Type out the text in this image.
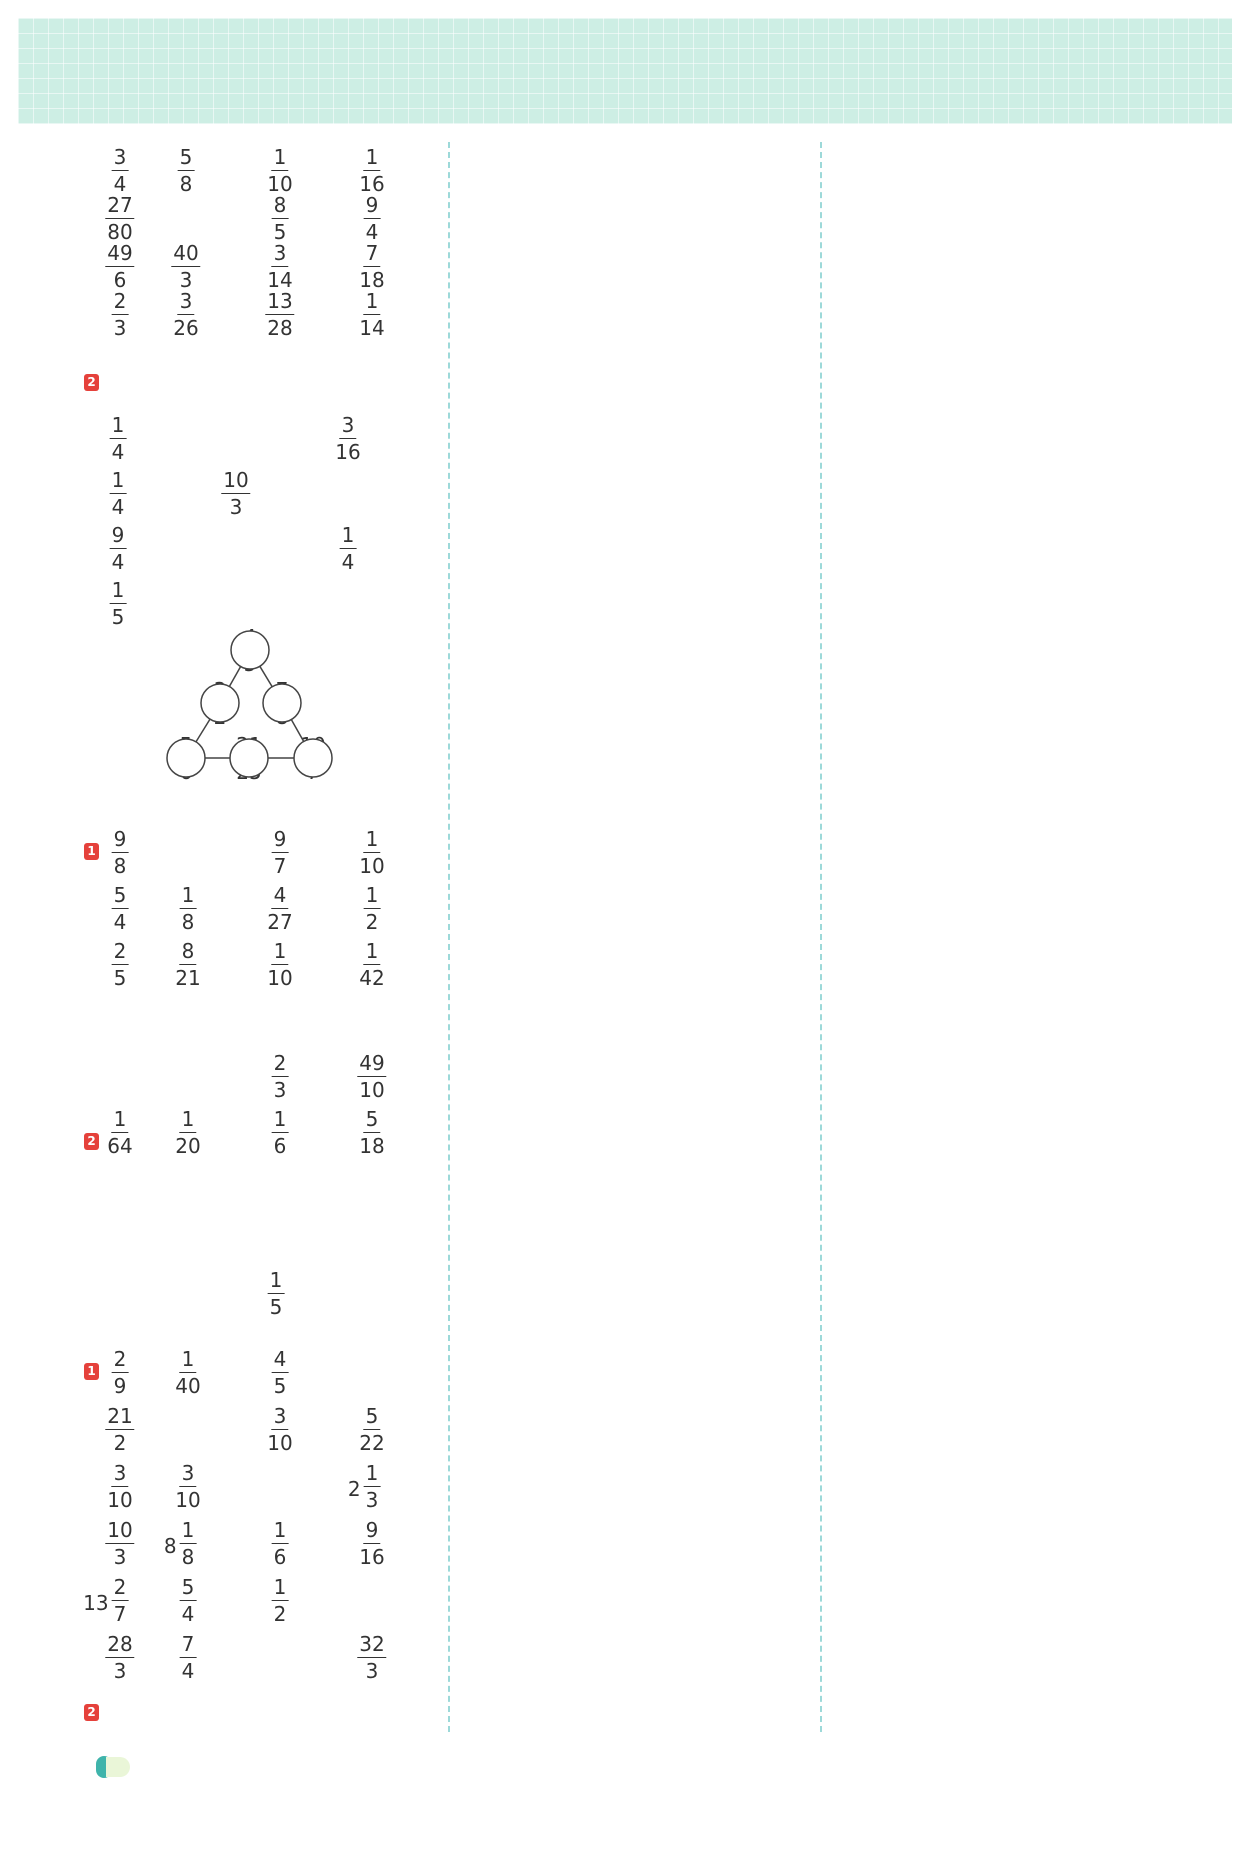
3
4
5
8
1
10
1
16
27
80
8
5
9
4
49
6
40
3
3
14
7
18
2
3
3
26
13
28
1
14
2
1
4
3
16
1
4
10
3
9
4
1
4
1
5
1 9
8
9
7
1
10
5
4
1
8
4
27
1
2
2
5
8
21
1
10
1
42
2
3
49
10
1
64
1
20
1
6
5
18
2
1
5
1 2
9
1
40
4
5
21
2
3
10
5
22
3
10
3
10	2
1
3
10
3 8
1
8
1
6
9
16
13
2
7
5
4
1
2
28
3
7
4
32
3
2
